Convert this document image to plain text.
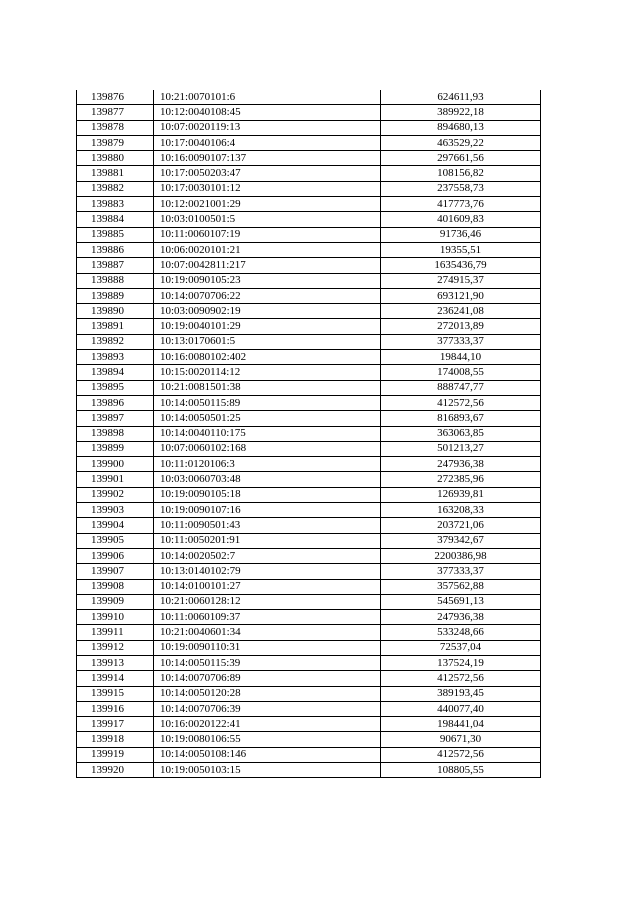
139876	10:21:0070101:6	624611,93
139877	10:12:0040108:45	389922,18
139878	10:07:0020119:13	894680,13
139879	10:17:0040106:4	463529,22
139880	10:16:0090107:137	297661,56
139881	10:17:0050203:47	108156,82
139882	10:17:0030101:12	237558,73
139883	10:12:0021001:29	417773,76
139884	10:03:0100501:5	401609,83
139885	10:11:0060107:19	91736,46
139886	10:06:0020101:21	19355,51
139887	10:07:0042811:217	1635436,79
139888	10:19:0090105:23	274915,37
139889	10:14:0070706:22	693121,90
139890	10:03:0090902:19	236241,08
139891	10:19:0040101:29	272013,89
139892	10:13:0170601:5	377333,37
139893	10:16:0080102:402	19844,10
139894	10:15:0020114:12	174008,55
139895	10:21:0081501:38	888747,77
139896	10:14:0050115:89	412572,56
139897	10:14:0050501:25	816893,67
139898	10:14:0040110:175	363063,85
139899	10:07:0060102:168	501213,27
139900	10:11:0120106:3	247936,38
139901	10:03:0060703:48	272385,96
139902	10:19:0090105:18	126939,81
139903	10:19:0090107:16	163208,33
139904	10:11:0090501:43	203721,06
139905	10:11:0050201:91	379342,67
139906	10:14:0020502:7	2200386,98
139907	10:13:0140102:79	377333,37
139908	10:14:0100101:27	357562,88
139909	10:21:0060128:12	545691,13
139910	10:11:0060109:37	247936,38
139911	10:21:0040601:34	533248,66
139912	10:19:0090110:31	72537,04
139913	10:14:0050115:39	137524,19
139914	10:14:0070706:89	412572,56
139915	10:14:0050120:28	389193,45
139916	10:14:0070706:39	440077,40
139917	10:16:0020122:41	198441,04
139918	10:19:0080106:55	90671,30
139919	10:14:0050108:146	412572,56
139920	10:19:0050103:15	108805,55
